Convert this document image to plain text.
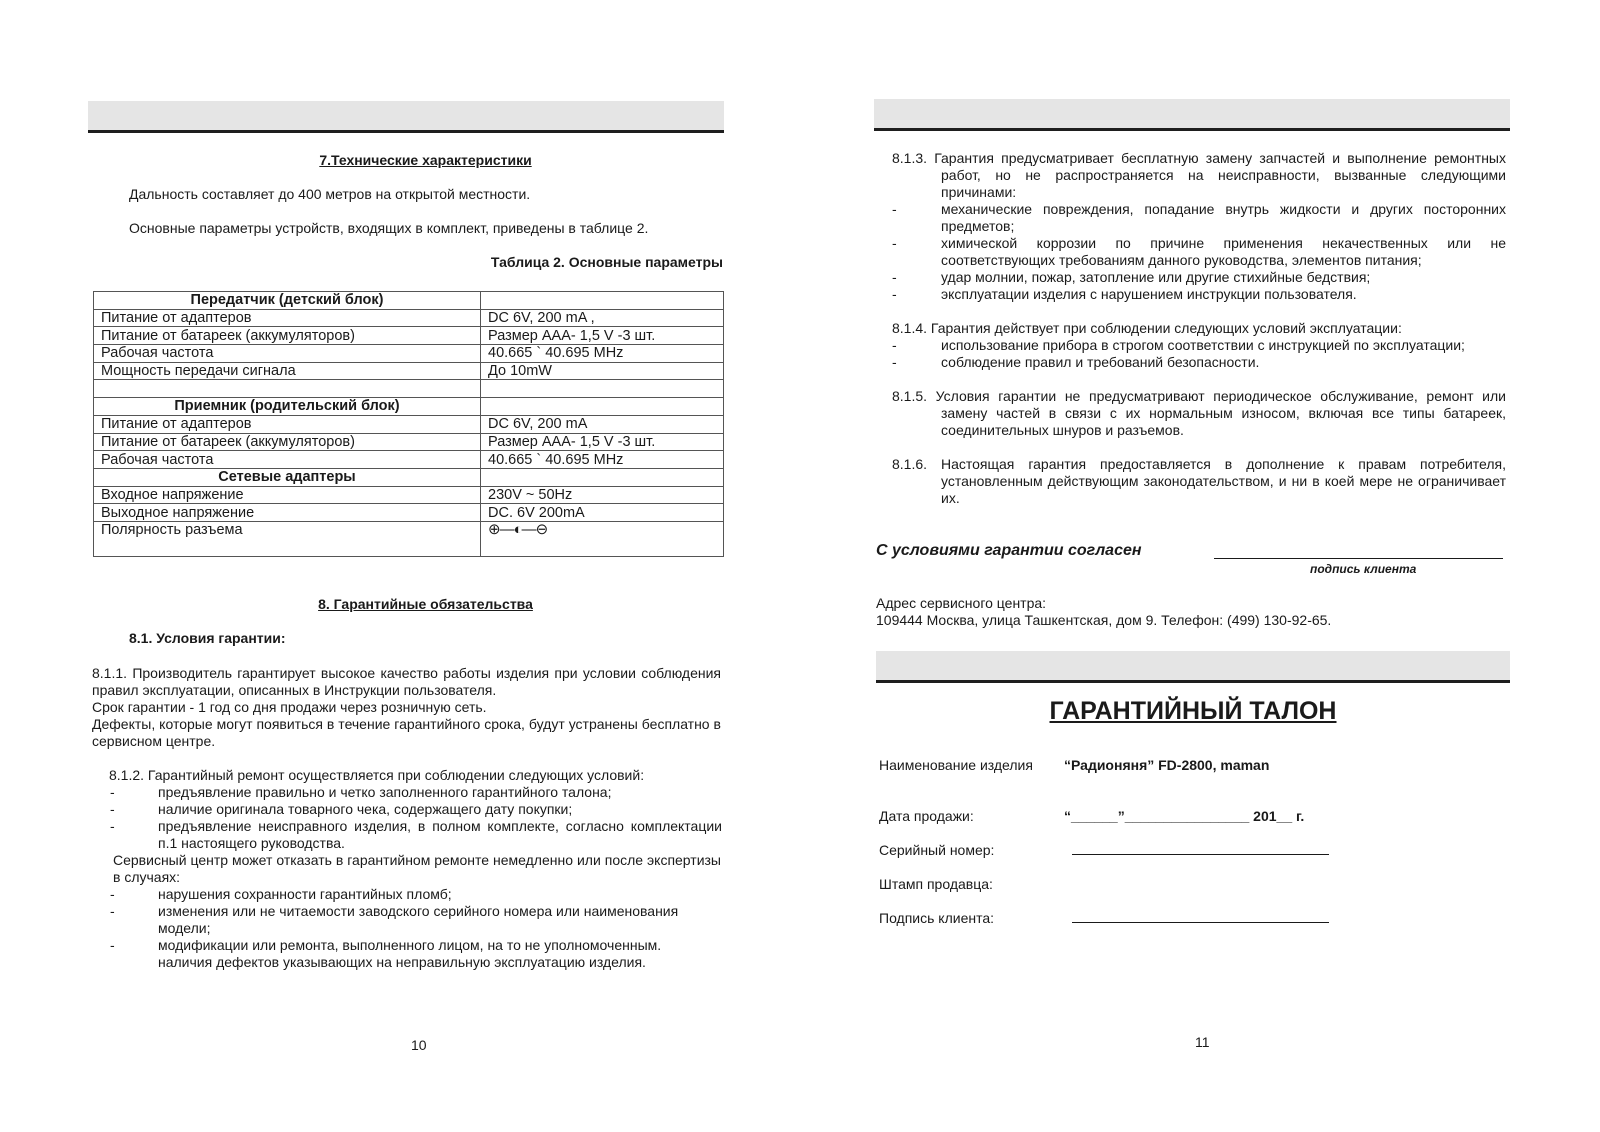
7.Технические характеристики
Дальность составляет до 400 метров на открытой местности.
Основные параметры устройств, входящих в комплект, приведены в таблице 2.
Таблица 2. Основные параметры
Передатчик (детский блок)	
Питание от адаптеров	DC 6V, 200 mA ,
Питание от батареек (аккумуляторов)	Размер AAA- 1,5 V -3 шт.
Рабочая частота	40.665 ` 40.695 MHz
Мощность передачи сигнала	До 10mW

Приемник (родительский блок)	
Питание от адаптеров	DC 6V, 200 mA
Питание от батареек (аккумуляторов)	Размер AAA- 1,5 V -3 шт.
Рабочая частота	40.665 ` 40.695 MHz
Сетевые адаптеры	
Входное напряжение	230V ~ 50Hz
Выходное напряжение	DC. 6V 200mA
Полярность разъема	⊕—◐—⊖
8. Гарантийные обязательства
8.1. Условия гарантии:
8.1.1. Производитель гарантирует высокое качество работы изделия при условии соблюдения правил эксплуатации, описанных в Инструкции пользователя.
Срок гарантии - 1 год со дня продажи через розничную сеть.
Дефекты, которые могут появиться в течение гарантийного срока, будут устранены бесплатно в сервисном центре.
8.1.2. Гарантийный ремонт осуществляется при соблюдении следующих условий:
-	предъявление правильно и четко заполненного гарантийного талона;
-	наличие оригинала товарного чека, содержащего дату покупки;
-	предъявление неисправного изделия, в полном комплекте, согласно комплектации п.1 настоящего руководства.
Сервисный центр может отказать в гарантийном ремонте немедленно или после экспертизы в случаях:
-	нарушения сохранности гарантийных пломб;
-	изменения или не читаемости заводского серийного номера или наименования модели;
-	модификации или ремонта, выполненного лицом, на то не уполномоченным.
наличия дефектов указывающих на неправильную эксплуатацию изделия.
10
8.1.3. Гарантия предусматривает бесплатную замену запчастей и выполнение ремонтных работ, но не распространяется на неисправности, вызванные следующими причинами:
-	механические повреждения, попадание внутрь жидкости и других посторонних предметов;
-	химической коррозии по причине применения некачественных или не соответствующих требованиям данного руководства, элементов питания;
-	удар молнии, пожар, затопление или другие стихийные бедствия;
-	эксплуатации изделия с нарушением инструкции пользователя.
8.1.4. Гарантия действует при соблюдении следующих условий эксплуатации:
-	использование прибора в строгом соответствии с инструкцией по эксплуатации;
-	соблюдение правил и требований безопасности.
8.1.5. Условия гарантии не предусматривают периодическое обслуживание, ремонт или замену частей в связи с их нормальным износом, включая все типы батареек, соединительных шнуров и разъемов.
8.1.6. Настоящая гарантия предоставляется в дополнение к правам потребителя, установленным действующим законодательством, и ни в коей мере не ограничивает их.
С условиями гарантии согласен
подпись клиента
Адрес сервисного центра:
109444 Москва, улица Ташкентская, дом 9. Телефон: (499) 130-92-65.
ГАРАНТИЙНЫЙ ТАЛОН
Наименование изделия “Радионяня” FD-2800, maman
Дата продажи:	“______”________________ 201__ г.
Серийный номер:
Штамп продавца:
Подпись клиента:
11
